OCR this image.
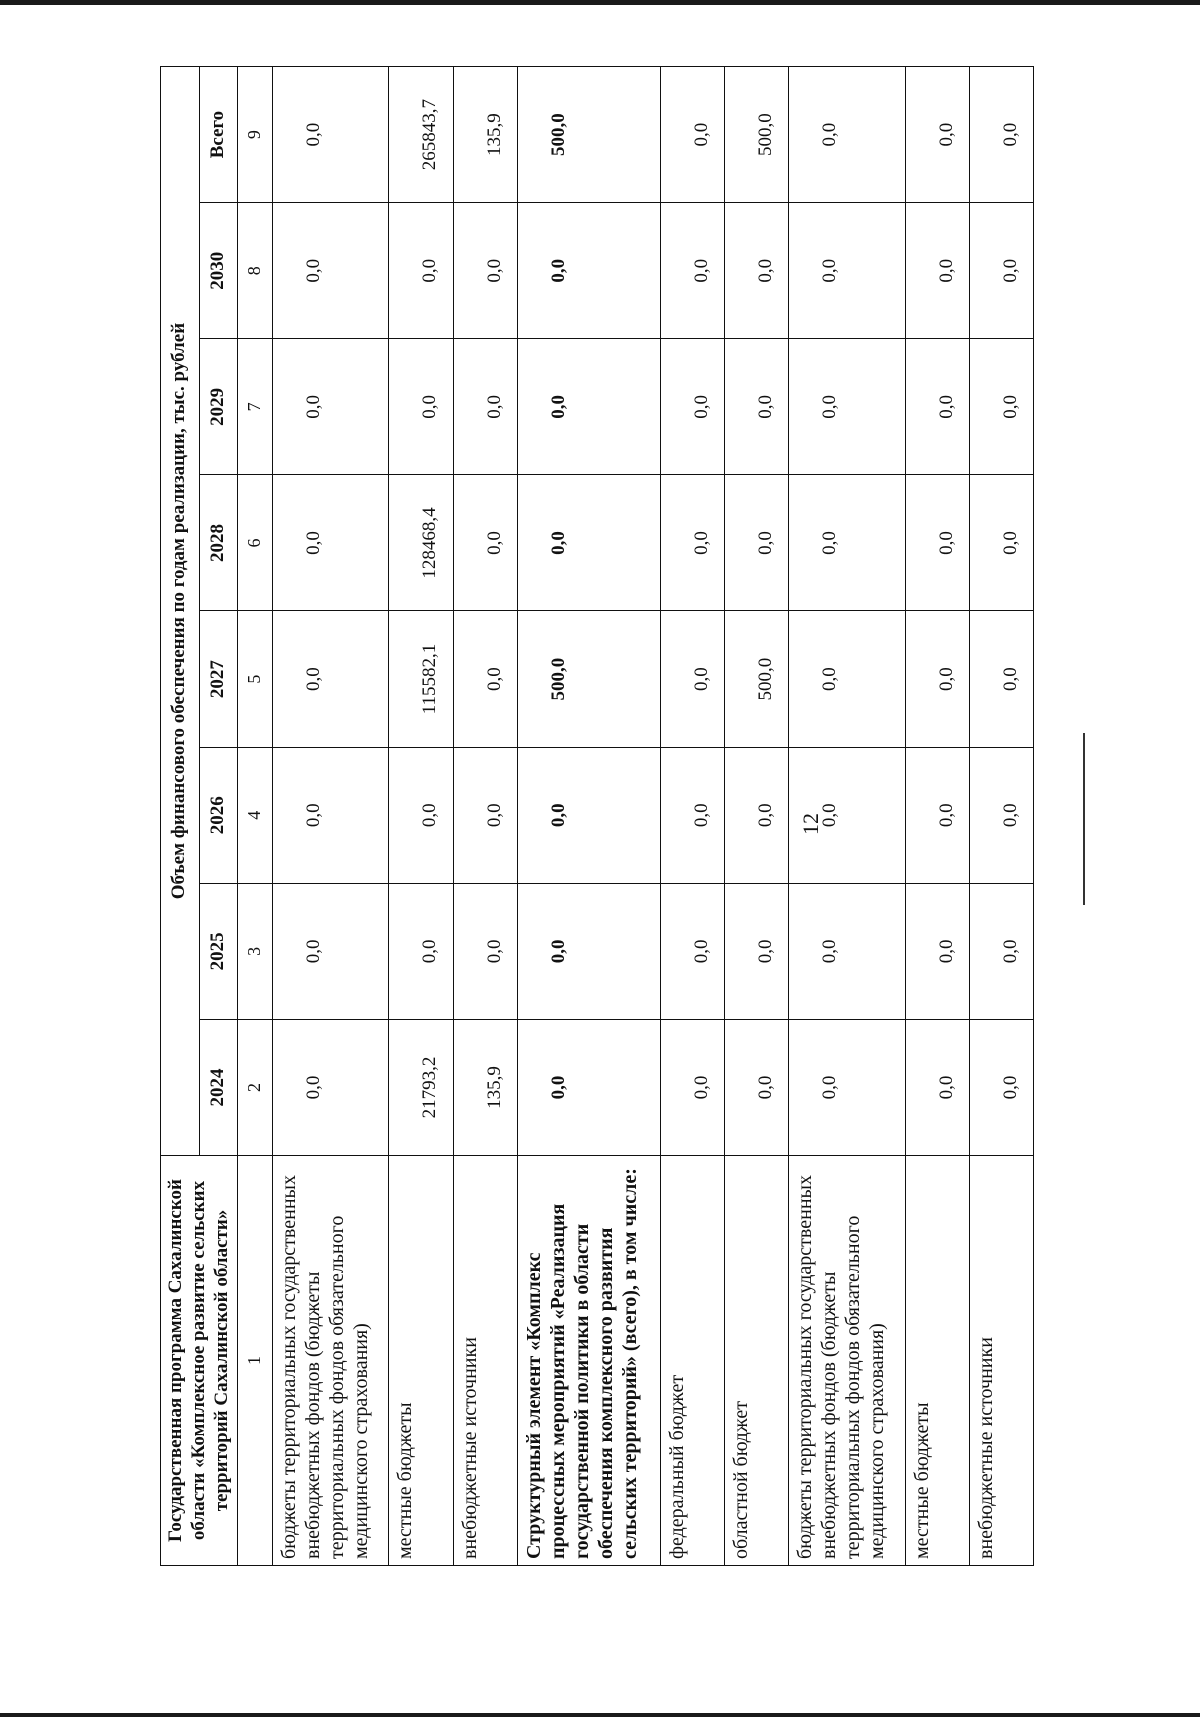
12
Государственная программа Сахалинской области «Комплексное развитие сельских территорий Сахалинской области»	Объем финансового обеспечения по годам реализации, тыс. рублей							
	2024	2025	2026	2027	2028	2029	2030	Всего
1	2	3	4	5	6	7	8	9
бюджеты территориальных государственных внебюджетных фондов (бюджеты территориальных фондов обязательного медицинского страхования)	0,0	0,0	0,0	0,0	0,0	0,0	0,0	0,0
местные бюджеты	21793,2	0,0	0,0	115582,1	128468,4	0,0	0,0	265843,7
внебюджетные источники	135,9	0,0	0,0	0,0	0,0	0,0	0,0	135,9
Структурный элемент «Комплекс процессных мероприятий «Реализация государственной политики в области обеспечения комплексного развития сельских территорий» (всего), в том числе:	0,0	0,0	0,0	500,0	0,0	0,0	0,0	500,0
федеральный бюджет	0,0	0,0	0,0	0,0	0,0	0,0	0,0	0,0
областной бюджет	0,0	0,0	0,0	500,0	0,0	0,0	0,0	500,0
бюджеты территориальных государственных внебюджетных фондов (бюджеты территориальных фондов обязательного медицинского страхования)	0,0	0,0	0,0	0,0	0,0	0,0	0,0	0,0
местные бюджеты	0,0	0,0	0,0	0,0	0,0	0,0	0,0	0,0
внебюджетные источники	0,0	0,0	0,0	0,0	0,0	0,0	0,0	0,0
